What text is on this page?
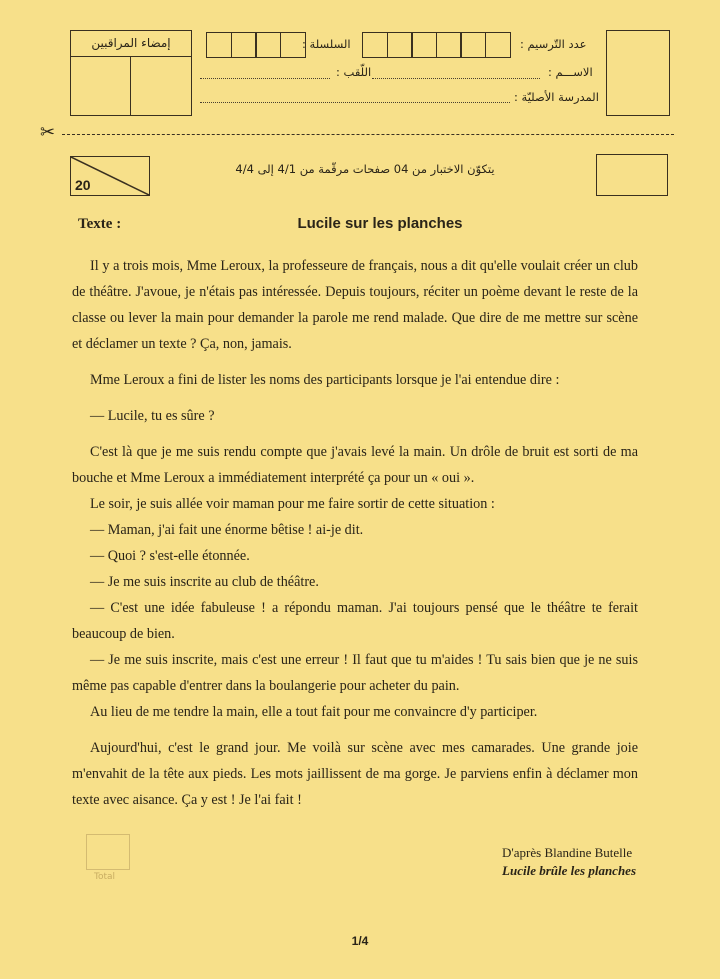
إمضاء المراقبين	السلسلة :	عدد التّرسيم :
اللّقب :	الاســـم :
المدرسة الأصليّة :
✂
20
يتكوّن الاختبار من 04 صفحات مرقّمة من 4/1 إلى 4/4
Texte :	Lucile sur les planches

Il y a trois mois, Mme Leroux, la professeure de français, nous a dit qu'elle voulait créer un club de théâtre. J'avoue, je n'étais pas intéressée. Depuis toujours, réciter un poème devant le reste de la classe ou lever la main pour demander la parole me rend malade. Que dire de me mettre sur scène et déclamer un texte ? Ça, non, jamais.

Mme Leroux a fini de lister les noms des participants lorsque je l'ai entendue dire :

— Lucile, tu es sûre ?

C'est là que je me suis rendu compte que j'avais levé la main. Un drôle de bruit est sorti de ma bouche et Mme Leroux a immédiatement interprété ça pour un « oui ».

Le soir, je suis allée voir maman pour me faire sortir de cette situation :

— Maman, j'ai fait une énorme bêtise ! ai-je dit.

— Quoi ? s'est-elle étonnée.

— Je me suis inscrite au club de théâtre.

— C'est une idée fabuleuse ! a répondu maman. J'ai toujours pensé que le théâtre te ferait beaucoup de bien.

— Je me suis inscrite, mais c'est une erreur ! Il faut que tu m'aides ! Tu sais bien que je ne suis même pas capable d'entrer dans la boulangerie pour acheter du pain.

Au lieu de me tendre la main, elle a tout fait pour me convaincre d'y participer.

Aujourd'hui, c'est le grand jour. Me voilà sur scène avec mes camarades. Une grande joie m'envahit de la tête aux pieds. Les mots jaillissent de ma gorge. Je parviens enfin à déclamer mon texte avec aisance. Ça y est ! Je l'ai fait !

Total
D'après Blandine Butelle
Lucile brûle les planches
1/4
